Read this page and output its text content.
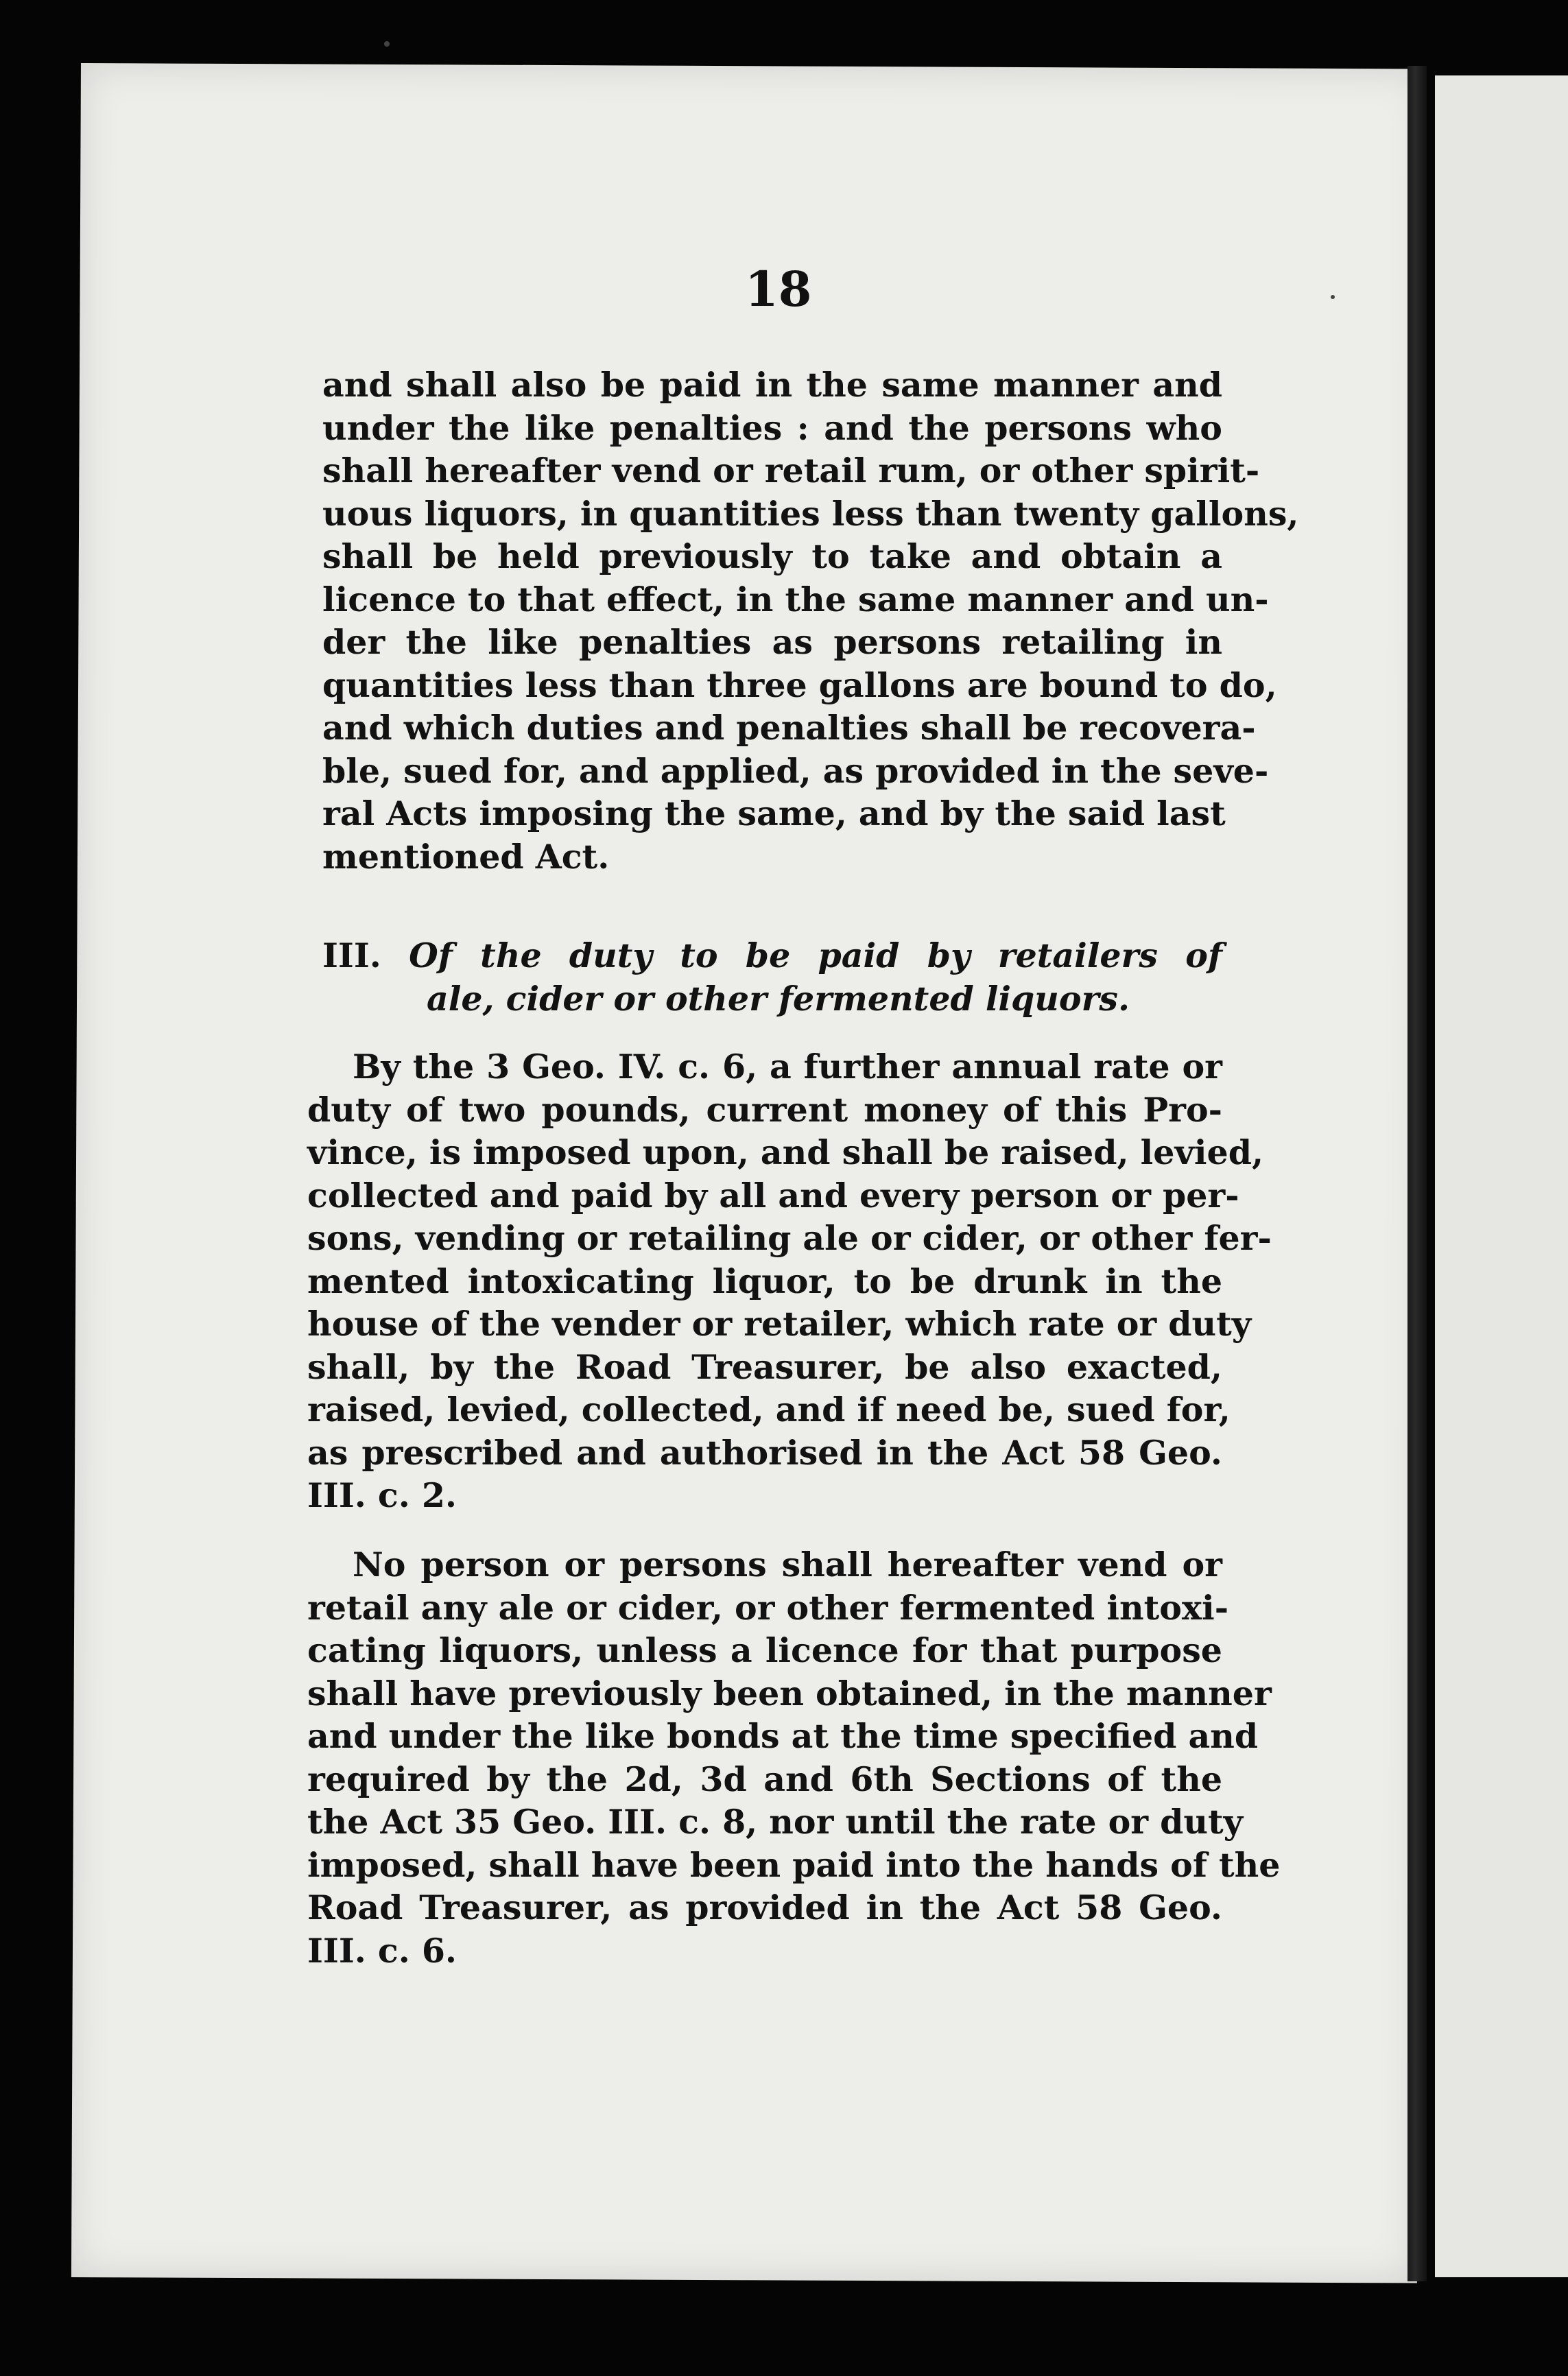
18
and shall also be paid in the same manner and
under the like penalties : and the persons who
shall hereafter vend or retail rum, or other spirit-
uous liquors, in quantities less than twenty gallons,
shall be held previously to take and obtain a
licence to that effect, in the same manner and un-
der the like penalties as persons retailing in
quantities less than three gallons are bound to do,
and which duties and penalties shall be recovera-
ble, sued for, and applied, as provided in the seve-
ral Acts imposing the same, and by the said last
mentioned Act.
III. Of the duty to be paid by retailers of
ale, cider or other fermented liquors.
By the 3 Geo. IV. c. 6, a further annual rate or
duty of two pounds, current money of this Pro-
vince, is imposed upon, and shall be raised, levied,
collected and paid by all and every person or per-
sons, vending or retailing ale or cider, or other fer-
mented intoxicating liquor, to be drunk in the
house of the vender or retailer, which rate or duty
shall, by the Road Treasurer, be also exacted,
raised, levied, collected, and if need be, sued for,
as prescribed and authorised in the Act 58 Geo.
III. c. 2.
No person or persons shall hereafter vend or
retail any ale or cider, or other fermented intoxi-
cating liquors, unless a licence for that purpose
shall have previously been obtained, in the manner
and under the like bonds at the time specified and
required by the 2d, 3d and 6th Sections of the
the Act 35 Geo. III. c. 8, nor until the rate or duty
imposed, shall have been paid into the hands of the
Road Treasurer, as provided in the Act 58 Geo.
III. c. 6.
